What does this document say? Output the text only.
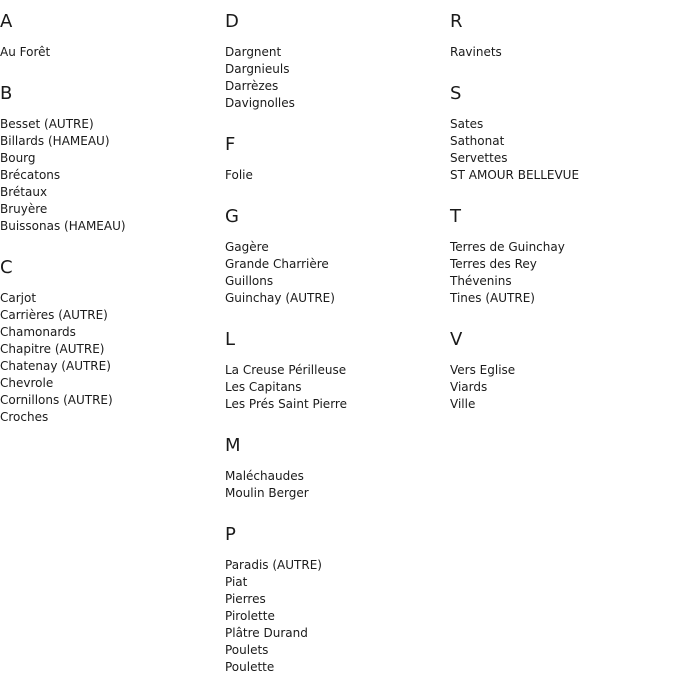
A
Au Forêt
B
Besset (AUTRE)
Billards (HAMEAU)
Bourg
Brécatons
Brétaux
Bruyère
Buissonas (HAMEAU)
C
Carjot
Carrières (AUTRE)
Chamonards
Chapitre (AUTRE)
Chatenay (AUTRE)
Chevrole
Cornillons (AUTRE)
Croches
D
Dargnent
Dargnieuls
Darrèzes
Davignolles
F
Folie
G
Gagère
Grande Charrière
Guillons
Guinchay (AUTRE)
L
La Creuse Périlleuse
Les Capitans
Les Prés Saint Pierre
M
Maléchaudes
Moulin Berger
P
Paradis (AUTRE)
Piat
Pierres
Pirolette
Plâtre Durand
Poulets
Poulette
R
Ravinets
S
Sates
Sathonat
Servettes
ST AMOUR BELLEVUE
T
Terres de Guinchay
Terres des Rey
Thévenins
Tines (AUTRE)
V
Vers Eglise
Viards
Ville
